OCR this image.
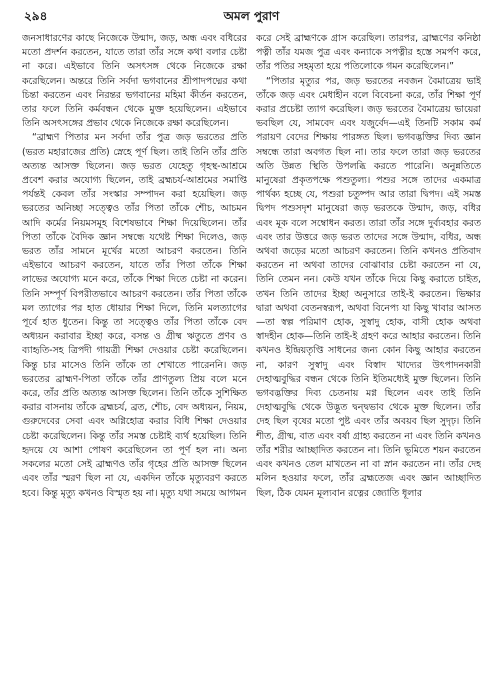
২৯৪	অমল পুরাণ

জনসাধারণের কাছে নিজেকে উন্মাদ, জড়, অন্ধ এবং বধিরের মতো প্রদর্শন করতেন, যাতে তারা তাঁর সঙ্গে কথা বলার চেষ্টা না করে। এইভাবে তিনি অসৎসঙ্গ থেকে নিজেকে রক্ষা করেছিলেন। অন্তরে তিনি সর্বদা ভগবানের শ্রীপাদপদ্মের কথা চিন্তা করতেন এবং নিরন্তর ভগবানের মহিমা কীর্তন করতেন, তার ফলে তিনি কর্মবন্ধন থেকে মুক্ত হয়েছিলেন। এইভাবে তিনি অসৎসঙ্গের প্রভাব থেকে নিজেকে রক্ষা করেছিলেন।

“ব্রাহ্মণ পিতার মন সর্বদা তাঁর পুত্র জড় ভরতের প্রতি (ভরত মহারাজের প্রতি) স্নেহে পূর্ণ ছিল। তাই তিনি তাঁর প্রতি অত্যন্ত আসক্ত ছিলেন। জড় ভরত যেহেতু গৃহস্থ-আশ্রমে প্রবেশ করার অযোগ্য ছিলেন, তাই ব্রহ্মচর্য-আশ্রমের সমাপ্তি পর্যন্তই কেবল তাঁর সংস্কার সম্পাদন করা হয়েছিল। জড় ভরতের অনিচ্ছা সত্ত্বেও তাঁর পিতা তাঁকে শৌচ, আচমন আদি কর্মের নিয়মসমূহ বিশেষভাবে শিক্ষা দিয়েছিলেন। তাঁর পিতা তাঁকে বৈদিক জ্ঞান সম্বন্ধে যথেষ্ট শিক্ষা দিলেও, জড় ভরত তাঁর সামনে মূর্খের মতো আচরণ করতেন। তিনি এইভাবে আচরণ করতেন, যাতে তাঁর পিতা তাঁকে শিক্ষা লাভের অযোগ্য মনে করে, তাঁকে শিক্ষা দিতে চেষ্টা না করেন। তিনি সম্পূর্ণ বিপরীতভাবে আচরণ করতেন। তাঁর পিতা তাঁকে মল ত্যাগের পর হাত ধোয়ার শিক্ষা দিলে, তিনি মলত্যাগের পূর্বে হাত ধুতেন। কিন্তু তা সত্ত্বেও তাঁর পিতা তাঁকে বেদ অধ্যয়ন করাবার ইচ্ছা করে, বসন্ত ও গ্রীষ্ম ঋতুতে প্রণব ও ব্যাহৃতি-সহ ত্রিপদী গায়ত্রী শিক্ষা দেওয়ার চেষ্টা করেছিলেন। কিন্তু চার মাসেও তিনি তাঁকে তা শেখাতে পারেননি। জড় ভরতের ব্রাহ্মণ-পিতা তাঁকে তাঁর প্রাণতুল্য প্রিয় বলে মনে করে, তাঁর প্রতি অত্যন্ত আসক্ত ছিলেন। তিনি তাঁকে সুশিক্ষিত করার বাসনায় তাঁকে ব্রহ্মচর্য, ব্রত, শৌচ, বেদ অধ্যয়ন, নিয়ম, গুরুদেবের সেবা এবং অগ্নিহোত্র করার বিধি শিক্ষা দেওয়ার চেষ্টা করেছিলেন। কিন্তু তাঁর সমস্ত চেষ্টাই ব্যর্থ হয়েছিল। তিনি হৃদয়ে যে আশা পোষণ করেছিলেন তা পূর্ণ হল না। অন্য সকলের মতো সেই ব্রাহ্মণও তাঁর গৃহের প্রতি আসক্ত ছিলেন এবং তাঁর স্মরণ ছিল না যে, একদিন তাঁকে মৃত্যুবরণ করতে হবে। কিন্তু মৃত্যু কখনও বিস্মৃত হয় না। মৃত্যু যথা সময়ে আগমন

করে সেই ব্রাহ্মণকে গ্রাস করেছিল। তারপর, ব্রাহ্মণের কনিষ্ঠা পত্নী তাঁর যমজ পুত্র এবং কন্যাকে সপত্নীর হস্তে সমর্পণ করে, তাঁর পতির সহমৃতা হয়ে পতিলোকে গমন করেছিলেন।”

“পিতার মৃত্যুর পর, জড় ভরতের নবজন বৈমাত্রেয় ভাই তাঁকে জড় এবং মেধাহীন বলে বিবেচনা করে, তাঁর শিক্ষা পূর্ণ করার প্রচেষ্টা ত্যাগ করেছিল। জড় ভরতের বৈমাত্রেয় ভায়েরা ভবছিল যে, সামবেদ এবং যজুর্বেদ—এই তিনটি সকাম কর্ম পরায়ণ বেদের শিক্ষায় পারঙ্গত ছিল। ভগবদ্ভক্তির দিব্য জ্ঞান সম্বন্ধে তারা অবগত ছিল না। তার ফলে তারা জড় ভরতের অতি উন্নত স্থিতি উপলব্ধি করতে পারেনি। অনুন্নতিতে মানুষেরা প্রকৃতপক্ষে পশুতুল্য। পশুর সঙ্গে তাদের একমাত্র পার্থক্য হচ্ছে যে, পশুরা চতুষ্পদ আর তারা দ্বিপদ। এই সমস্ত দ্বিপদ পশুসদৃশ মানুষেরা জড় ভরতকে উন্মাদ, জড়, বধির এবং মূক বলে সম্বোধন করত। তারা তাঁর সঙ্গে দুর্ব্যবহার করত এবং তার উত্তরে জড় ভরত তাদের সঙ্গে উন্মাদ, বধির, অন্ধ অথবা জড়ের মতো আচরণ করতেন। তিনি কখনও প্রতিবাদ করতেন না অথবা তাদের বোঝাবার চেষ্টা করতেন না যে, তিনি তেমন নন। কেউ যখন তাঁকে দিয়ে কিছু করাতে চাইত, তখন তিনি তাদের ইচ্ছা অনুসারে তাই-ই করতেন। ভিক্ষার দ্বারা অথবা বেতনস্বরূপ, অথবা বিনেপ্য যা কিছু খাবার আসত—তা স্বল্প পরিমাণ হোক, সুস্বাদু হোক, বাসী হোক অথবা স্বাদহীন হোক—তিনি তাই-ই গ্রহণ করে আহার করতেন। তিনি কখনও ইন্দ্রিয়তৃপ্তি সাধনের জন্য কোন কিছু আহার করতেন না, কারণ সুস্বাদু এবং বিস্বাদ খাদ্যের উৎপাদনকারী দেহাত্মবুদ্ধির বন্ধন থেকে তিনি ইতিমধ্যেই মুক্ত ছিলেন। তিনি ভগবদ্ভক্তির দিব্য চেতনায় মগ্ন ছিলেন এবং তাই তিনি দেহাত্মবুদ্ধি থেকে উদ্ভূত দ্বন্দ্বভাব থেকে মুক্ত ছিলেন। তাঁর দেহ ছিল বৃষের মতো পুষ্ট এবং তাঁর অবয়ব ছিল সুদৃঢ়। তিনি শীত, গ্রীষ্ম, বাত এবং বর্ষা গ্রাহ্য করতেন না এবং তিনি কখনও তাঁর শরীর আচ্ছাদিত করতেন না। তিনি ভূমিতে শয়ন করতেন এবং কখনও তেল মাখতেন না বা স্নান করতেন না। তাঁর দেহ মলিন হওয়ার ফলে, তাঁর ব্রহ্মতেজ এবং জ্ঞান আচ্ছাদিত ছিল, ঠিক যেমন মূল্যবান রত্নের জ্যোতি ধূলার
